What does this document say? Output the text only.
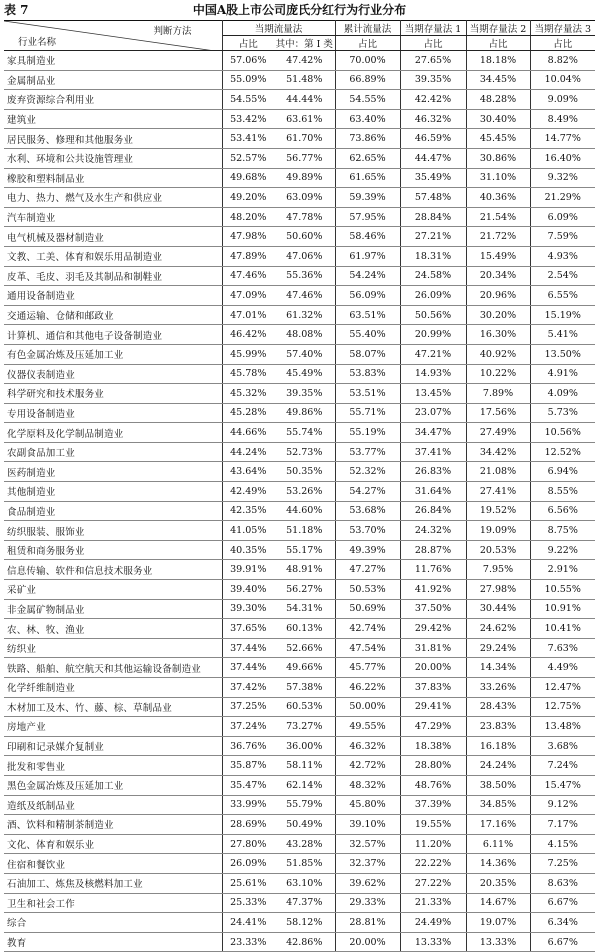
表 7	中国A股上市公司庞氏分红行为行业分布
判断方法
行业名称	当期流量法		累计流量法	当期存量法 1	当期存量法 2	当期存量法 3
	占比	其中：第 I 类	占比	占比	占比	占比
家具制造业	57.06%	47.42%	70.00%	27.65%	18.18%	8.82%
金属制品业	55.09%	51.48%	66.89%	39.35%	34.45%	10.04%
废弃资源综合利用业	54.55%	44.44%	54.55%	42.42%	48.28%	9.09%
建筑业	53.42%	63.61%	63.40%	46.32%	30.40%	8.49%
居民服务、修理和其他服务业	53.41%	61.70%	73.86%	46.59%	45.45%	14.77%
水利、环境和公共设施管理业	52.57%	56.77%	62.65%	44.47%	30.86%	16.40%
橡胶和塑料制品业	49.68%	49.89%	61.65%	35.49%	31.10%	9.32%
电力、热力、燃气及水生产和供应业	49.20%	63.09%	59.39%	57.48%	40.36%	21.29%
汽车制造业	48.20%	47.78%	57.95%	28.84%	21.54%	6.09%
电气机械及器材制造业	47.98%	50.60%	58.46%	27.21%	21.72%	7.59%
文教、工美、体育和娱乐用品制造业	47.89%	47.06%	61.97%	18.31%	15.49%	4.93%
皮革、毛皮、羽毛及其制品和制鞋业	47.46%	55.36%	54.24%	24.58%	20.34%	2.54%
通用设备制造业	47.09%	47.46%	56.09%	26.09%	20.96%	6.55%
交通运输、仓储和邮政业	47.01%	61.32%	63.51%	50.56%	30.20%	15.19%
计算机、通信和其他电子设备制造业	46.42%	48.08%	55.40%	20.99%	16.30%	5.41%
有色金属冶炼及压延加工业	45.99%	57.40%	58.07%	47.21%	40.92%	13.50%
仪器仪表制造业	45.78%	45.49%	53.83%	14.93%	10.22%	4.91%
科学研究和技术服务业	45.32%	39.35%	53.51%	13.45%	7.89%	4.09%
专用设备制造业	45.28%	49.86%	55.71%	23.07%	17.56%	5.73%
化学原料及化学制品制造业	44.66%	55.74%	55.19%	34.47%	27.49%	10.56%
农副食品加工业	44.24%	52.73%	53.77%	37.41%	34.42%	12.52%
医药制造业	43.64%	50.35%	52.32%	26.83%	21.08%	6.94%
其他制造业	42.49%	53.26%	54.27%	31.64%	27.41%	8.55%
食品制造业	42.35%	44.60%	53.68%	26.84%	19.52%	6.56%
纺织服装、服饰业	41.05%	51.18%	53.70%	24.32%	19.09%	8.75%
租赁和商务服务业	40.35%	55.17%	49.39%	28.87%	20.53%	9.22%
信息传输、软件和信息技术服务业	39.91%	48.91%	47.27%	11.76%	7.95%	2.91%
采矿业	39.40%	56.27%	50.53%	41.92%	27.98%	10.55%
非金属矿物制品业	39.30%	54.31%	50.69%	37.50%	30.44%	10.91%
农、林、牧、渔业	37.65%	60.13%	42.74%	29.42%	24.62%	10.41%
纺织业	37.44%	52.66%	47.54%	31.81%	29.24%	7.63%
铁路、船舶、航空航天和其他运输设备制造业	37.44%	49.66%	45.77%	20.00%	14.34%	4.49%
化学纤维制造业	37.42%	57.38%	46.22%	37.83%	33.26%	12.47%
木材加工及木、竹、藤、棕、草制品业	37.25%	60.53%	50.00%	29.41%	28.43%	12.75%
房地产业	37.24%	73.27%	49.55%	47.29%	23.83%	13.48%
印刷和记录媒介复制业	36.76%	36.00%	46.32%	18.38%	16.18%	3.68%
批发和零售业	35.87%	58.11%	42.72%	28.80%	24.24%	7.24%
黑色金属冶炼及压延加工业	35.47%	62.14%	48.32%	48.76%	38.50%	15.47%
造纸及纸制品业	33.99%	55.79%	45.80%	37.39%	34.85%	9.12%
酒、饮料和精制茶制造业	28.69%	50.49%	39.10%	19.55%	17.16%	7.17%
文化、体育和娱乐业	27.80%	43.28%	32.57%	11.20%	6.11%	4.15%
住宿和餐饮业	26.09%	51.85%	32.37%	22.22%	14.36%	7.25%
石油加工、炼焦及核燃料加工业	25.61%	63.10%	39.62%	27.22%	20.35%	8.63%
卫生和社会工作	25.33%	47.37%	29.33%	21.33%	14.67%	6.67%
综合	24.41%	58.12%	28.81%	24.49%	19.07%	6.34%
教育	23.33%	42.86%	20.00%	13.33%	13.33%	6.67%
